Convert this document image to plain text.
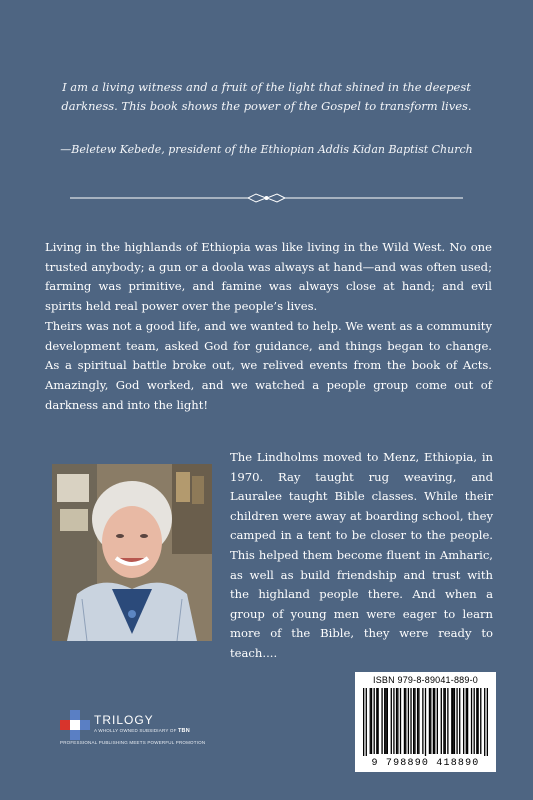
I am a living witness and a fruit of the light that shined in the deepest
darkness. This book shows the power of the Gospel to transform lives.
—Beletew Kebede, president of the Ethiopian Addis Kidan Baptist Church

Living in the highlands of Ethiopia was like living in the Wild West. No one trusted anybody; a gun or a doola was always at hand—and was often used; farming was primitive, and famine was always close at hand; and evil spirits held real power over the people’s lives.

Theirs was not a good life, and we wanted to help. We went as a community development team, asked God for guidance, and things began to change. As a spiritual battle broke out, we relived events from the book of Acts. Amazingly, God worked, and we watched a people group come out of darkness and into the light!

The Lindholms moved to Menz, Ethiopia, in 1970. Ray taught rug weaving, and Lauralee taught Bible classes. While their children were away at boarding school, they camped in a tent to be closer to the people. This helped them become fluent in Amharic, as well as build friendship and trust with the highland people there. And when a group of young men were eager to learn more of the Bible, they were ready to teach....
ISBN 979-8-89041-889-0
9 798890 418890
TRILOGY
A WHOLLY OWNED SUBSIDIARY OF TBN
PROFESSIONAL PUBLISHING MEETS POWERFUL PROMOTION
